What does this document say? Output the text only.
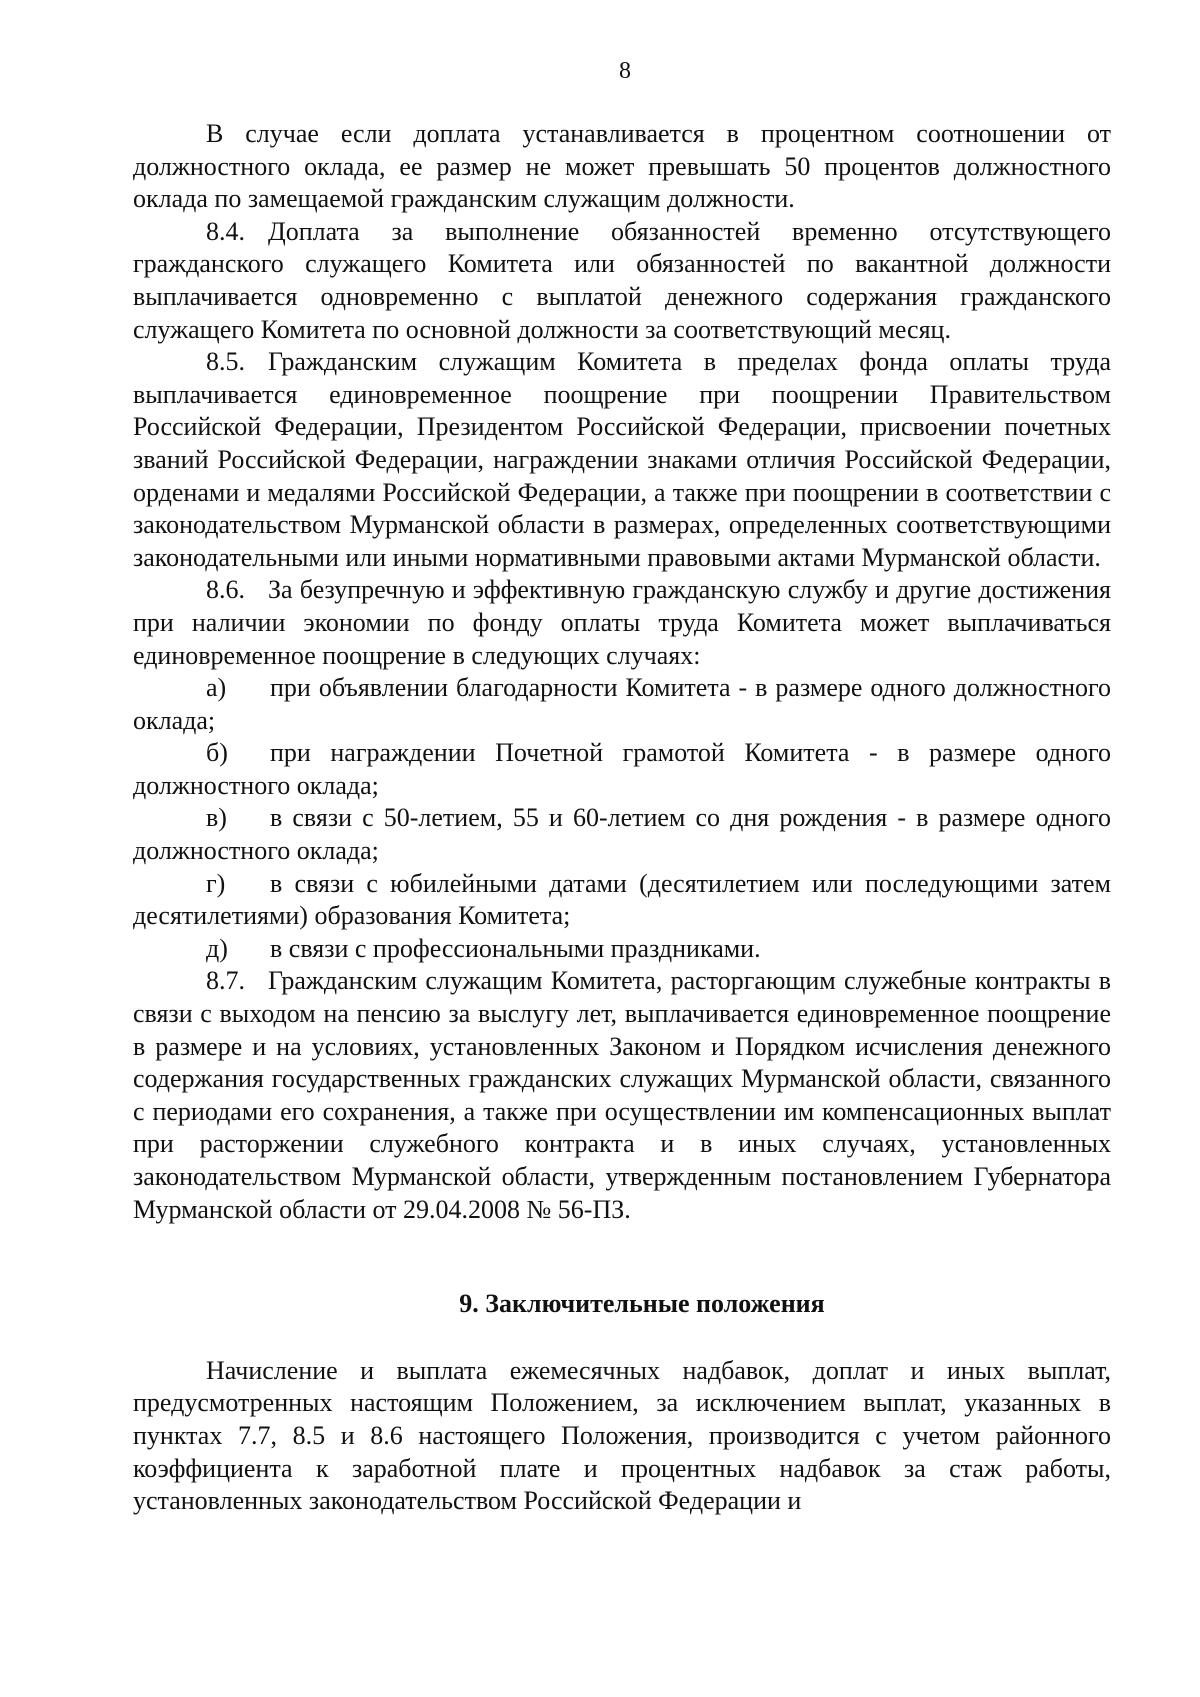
8

В случае если доплата устанавливается в процентном соотношении от должностного оклада, ее размер не может превышать 50 процентов должностного оклада по замещаемой гражданским служащим должности.

8.4. Доплата за выполнение обязанностей временно отсутствующего гражданского служащего Комитета или обязанностей по вакантной должности выплачивается одновременно с выплатой денежного содержания гражданского служащего Комитета по основной должности за соответствующий месяц.

8.5. Гражданским служащим Комитета в пределах фонда оплаты труда выплачивается единовременное поощрение при поощрении Правительством Российской Федерации, Президентом Российской Федерации, присвоении почетных званий Российской Федерации, награждении знаками отличия Российской Федерации, орденами и медалями Российской Федерации, а также при поощрении в соответствии с законодательством Мурманской области в размерах, определенных соответствующими законодательными или иными нормативными правовыми актами Мурманской области.

8.6. За безупречную и эффективную гражданскую службу и другие достижения при наличии экономии по фонду оплаты труда Комитета может выплачиваться единовременное поощрение в следующих случаях:

а) при объявлении благодарности Комитета - в размере одного должностного оклада;

б) при награждении Почетной грамотой Комитета - в размере одного должностного оклада;

в) в связи с 50-летием, 55 и 60-летием со дня рождения - в размере одного должностного оклада;

г) в связи с юбилейными датами (десятилетием или последующими затем десятилетиями) образования Комитета;

д) в связи с профессиональными праздниками.

8.7. Гражданским служащим Комитета, расторгающим служебные контракты в связи с выходом на пенсию за выслугу лет, выплачивается единовременное поощрение в размере и на условиях, установленных Законом и Порядком исчисления денежного содержания государственных гражданских служащих Мурманской области, связанного с периодами его сохранения, а также при осуществлении им компенсационных выплат при расторжении служебного контракта и в иных случаях, установленных законодательством Мурманской области, утвержденным постановлением Губернатора Мурманской области от 29.04.2008 № 56-ПЗ.

9. Заключительные положения

Начисление и выплата ежемесячных надбавок, доплат и иных выплат, предусмотренных настоящим Положением, за исключением выплат, указанных в пунктах 7.7, 8.5 и 8.6 настоящего Положения, производится с учетом районного коэффициента к заработной плате и процентных надбавок за стаж работы, установленных законодательством Российской Федерации и
